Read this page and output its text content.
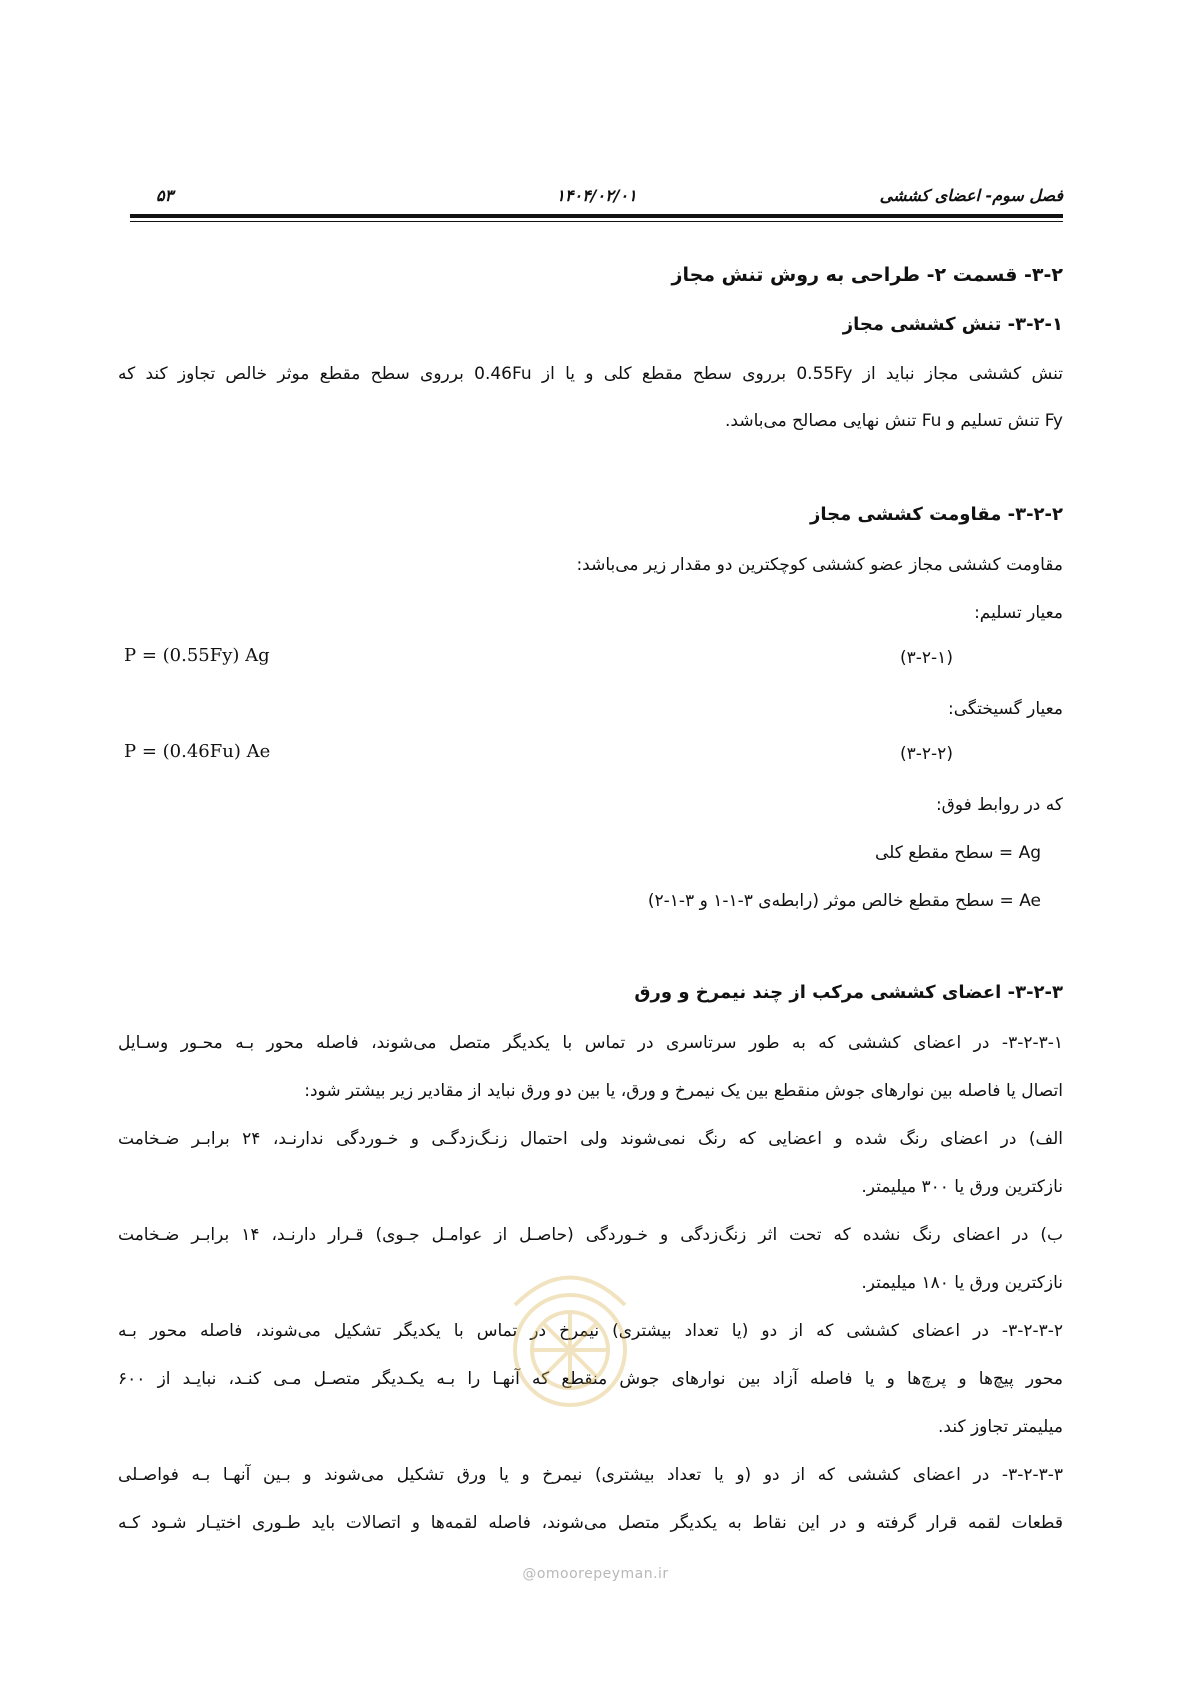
فصل سوم- اعضای کششی
۱۴۰۴/۰۲/۰۱
۵۳
۳-۲- قسمت ۲- طراحی به روش تنش مجاز
۳-۲-۱- تنش کششی مجاز
تنش کششی مجاز نباید از 0.55Fy برروی سطح مقطع کلی و یا از 0.46Fu برروی سطح مقطع موثر خالص تجاوز کند که
Fy تنش تسلیم و Fu تنش نهایی مصالح می‌باشد.
۳-۲-۲- مقاومت کششی مجاز
مقاومت کششی مجاز عضو کششی کوچکترین دو مقدار زیر می‌باشد:
معیار تسلیم:
(۳-۲-۱)
P = (0.55Fy) Ag
معیار گسیختگی:
(۳-۲-۲)
P = (0.46Fu) Ae
که در روابط فوق:
Ag = سطح مقطع کلی
Ae = سطح مقطع خالص موثر (رابطه‌ی ۳-۱-۱ و ۳-۱-۲)
۳-۲-۳- اعضای کششی مرکب از چند نیمرخ و ورق
۳-۲-۳-۱- در اعضای کششی که به طور سرتاسری در تماس با یکدیگر متصل می‌شوند، فاصله محور بـه محـور وسـایل
اتصال یا فاصله بین نوارهای جوش منقطع بین یک نیمرخ و ورق، یا بین دو ورق نباید از مقادیر زیر بیشتر شود:
الف) در اعضای رنگ شده و اعضایی که رنگ نمی‌شوند ولی احتمال زنـگ‌زدگـی و خـوردگی ندارنـد، ۲۴ برابـر ضـخامت
نازکترین ورق یا ۳۰۰ میلیمتر.
ب) در اعضای رنگ نشده که تحت اثر زنگ‌زدگی و خـوردگی (حاصـل از عوامـل جـوی) قـرار دارنـد، ۱۴ برابـر ضـخامت
نازکترین ورق یا ۱۸۰ میلیمتر.
۳-۲-۳-۲- در اعضای کششی که از دو (یا تعداد بیشتری) نیمرخ در تماس با یکدیگر تشکیل می‌شوند، فاصله محور بـه
محور پیچ‌ها و پرچ‌ها و یا فاصله آزاد بین نوارهای جوش منقطع که آنهـا را بـه یکـدیگر متصـل مـی کنـد، نبایـد از ۶۰۰
میلیمتر تجاوز کند.
۳-۲-۳-۳- در اعضای کششی که از دو (و یا تعداد بیشتری) نیمرخ و یا ورق تشکیل می‌شوند و بـین آنهـا بـه فواصـلی
قطعات لقمه قرار گرفته و در این نقاط به یکدیگر متصل می‌شوند، فاصله لقمه‌ها و اتصالات باید طـوری اختیـار شـود کـه
@omoorepeyman.ir
